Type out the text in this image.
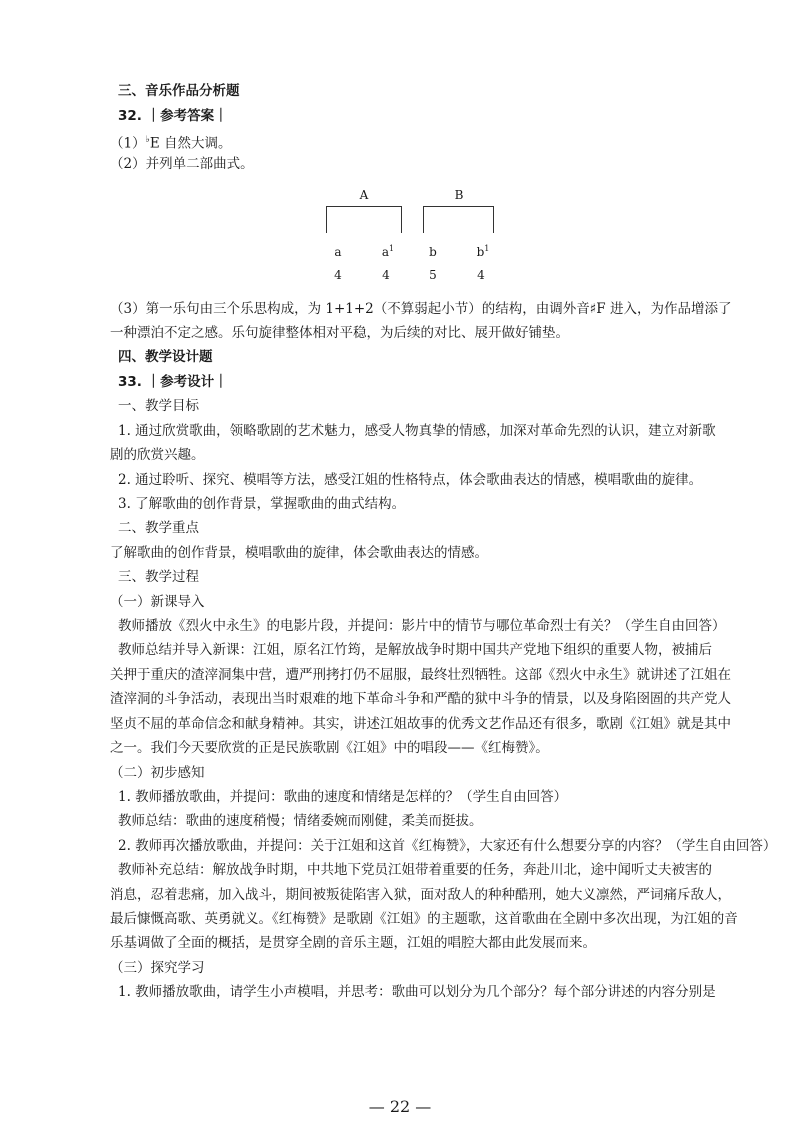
三、音乐作品分析题
32. ｜参考答案｜
（1）♭E 自然大调。
（2）并列单二部曲式。
A	B
a	$a^1$	b	$b^1$
4	4	5	4
（3）第一乐句由三个乐思构成，为 1+1+2（不算弱起小节）的结构，由调外音♯F 进入，为作品增添了
一种漂泊不定之感。乐句旋律整体相对平稳，为后续的对比、展开做好铺垫。
四、教学设计题
33. ｜参考设计｜
一、教学目标
1. 通过欣赏歌曲，领略歌剧的艺术魅力，感受人物真挚的情感，加深对革命先烈的认识，建立对新歌
剧的欣赏兴趣。
2. 通过聆听、探究、模唱等方法，感受江姐的性格特点，体会歌曲表达的情感，模唱歌曲的旋律。
3. 了解歌曲的创作背景，掌握歌曲的曲式结构。
二、教学重点
了解歌曲的创作背景，模唱歌曲的旋律，体会歌曲表达的情感。
三、教学过程
（一）新课导入
教师播放《烈火中永生》的电影片段，并提问：影片中的情节与哪位革命烈士有关？（学生自由回答）
教师总结并导入新课：江姐，原名江竹筠，是解放战争时期中国共产党地下组织的重要人物，被捕后
关押于重庆的渣滓洞集中营，遭严刑拷打仍不屈服，最终壮烈牺牲。这部《烈火中永生》就讲述了江姐在
渣滓洞的斗争活动，表现出当时艰难的地下革命斗争和严酷的狱中斗争的情景，以及身陷囹圄的共产党人
坚贞不屈的革命信念和献身精神。其实，讲述江姐故事的优秀文艺作品还有很多，歌剧《江姐》就是其中
之一。我们今天要欣赏的正是民族歌剧《江姐》中的唱段——《红梅赞》。
（二）初步感知
1. 教师播放歌曲，并提问：歌曲的速度和情绪是怎样的？（学生自由回答）
教师总结：歌曲的速度稍慢；情绪委婉而刚健，柔美而挺拔。
2. 教师再次播放歌曲，并提问：关于江姐和这首《红梅赞》，大家还有什么想要分享的内容？（学生自由回答）
教师补充总结：解放战争时期，中共地下党员江姐带着重要的任务，奔赴川北，途中闻听丈夫被害的
消息，忍着悲痛，加入战斗，期间被叛徒陷害入狱，面对敌人的种种酷刑，她大义凛然，严词痛斥敌人，
最后慷慨高歌、英勇就义。《红梅赞》是歌剧《江姐》的主题歌，这首歌曲在全剧中多次出现，为江姐的音
乐基调做了全面的概括，是贯穿全剧的音乐主题，江姐的唱腔大都由此发展而来。
（三）探究学习
1. 教师播放歌曲，请学生小声模唱，并思考：歌曲可以划分为几个部分？每个部分讲述的内容分别是
— 22 —
